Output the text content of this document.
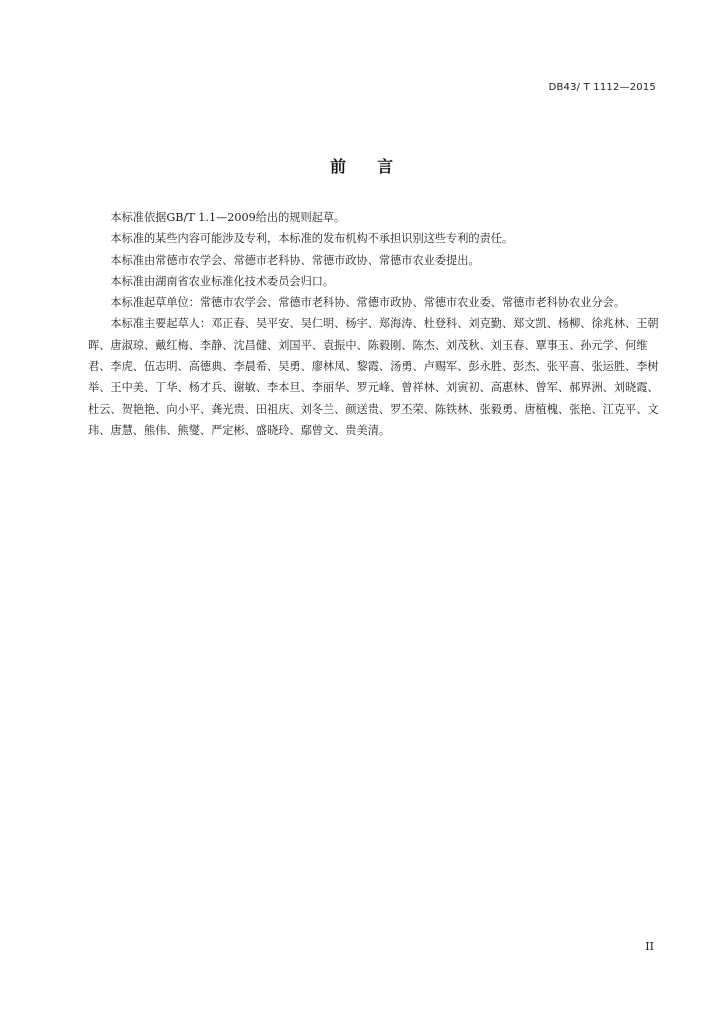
DB43/ T 1112—2015
前 言

本标准依据GB/T 1.1—2009给出的规则起草。

本标准的某些内容可能涉及专利，本标准的发布机构不承担识别这些专利的责任。

本标准由常德市农学会、常德市老科协、常德市政协、常德市农业委提出。

本标准由湖南省农业标准化技术委员会归口。

本标准起草单位：常德市农学会、常德市老科协、常德市政协、常德市农业委、常德市老科协农业分会。

本标准主要起草人：邓正春、吴平安、吴仁明、杨宇、郑海涛、杜登科、刘克勤、郑文凯、杨柳、徐兆林、王朝晖、唐淑琼、戴红梅、李静、沈昌健、刘国平、袁振中、陈毅刚、陈杰、刘茂秋、刘玉春、覃事玉、孙元学、何维君、李虎、伍志明、高德典、李晨希、吴勇、廖林凤、黎霞、汤勇、卢赐军、彭永胜、彭杰、张平喜、张运胜、李树举、王中美、丁华、杨才兵、谢敏、李本旦、李丽华、罗元峰、曾祥林、刘寅初、高惠林、曾军、郝界洲、刘晓霞、杜云、贺艳艳、向小平、龚光贵、田祖庆、刘冬兰、颜送贵、罗丕荣、陈铁林、张毅勇、唐植槐、张艳、江克平、文玮、唐慧、熊伟、熊燮、严定彬、盛晓玲、鄢曾文、贵美清。

II
